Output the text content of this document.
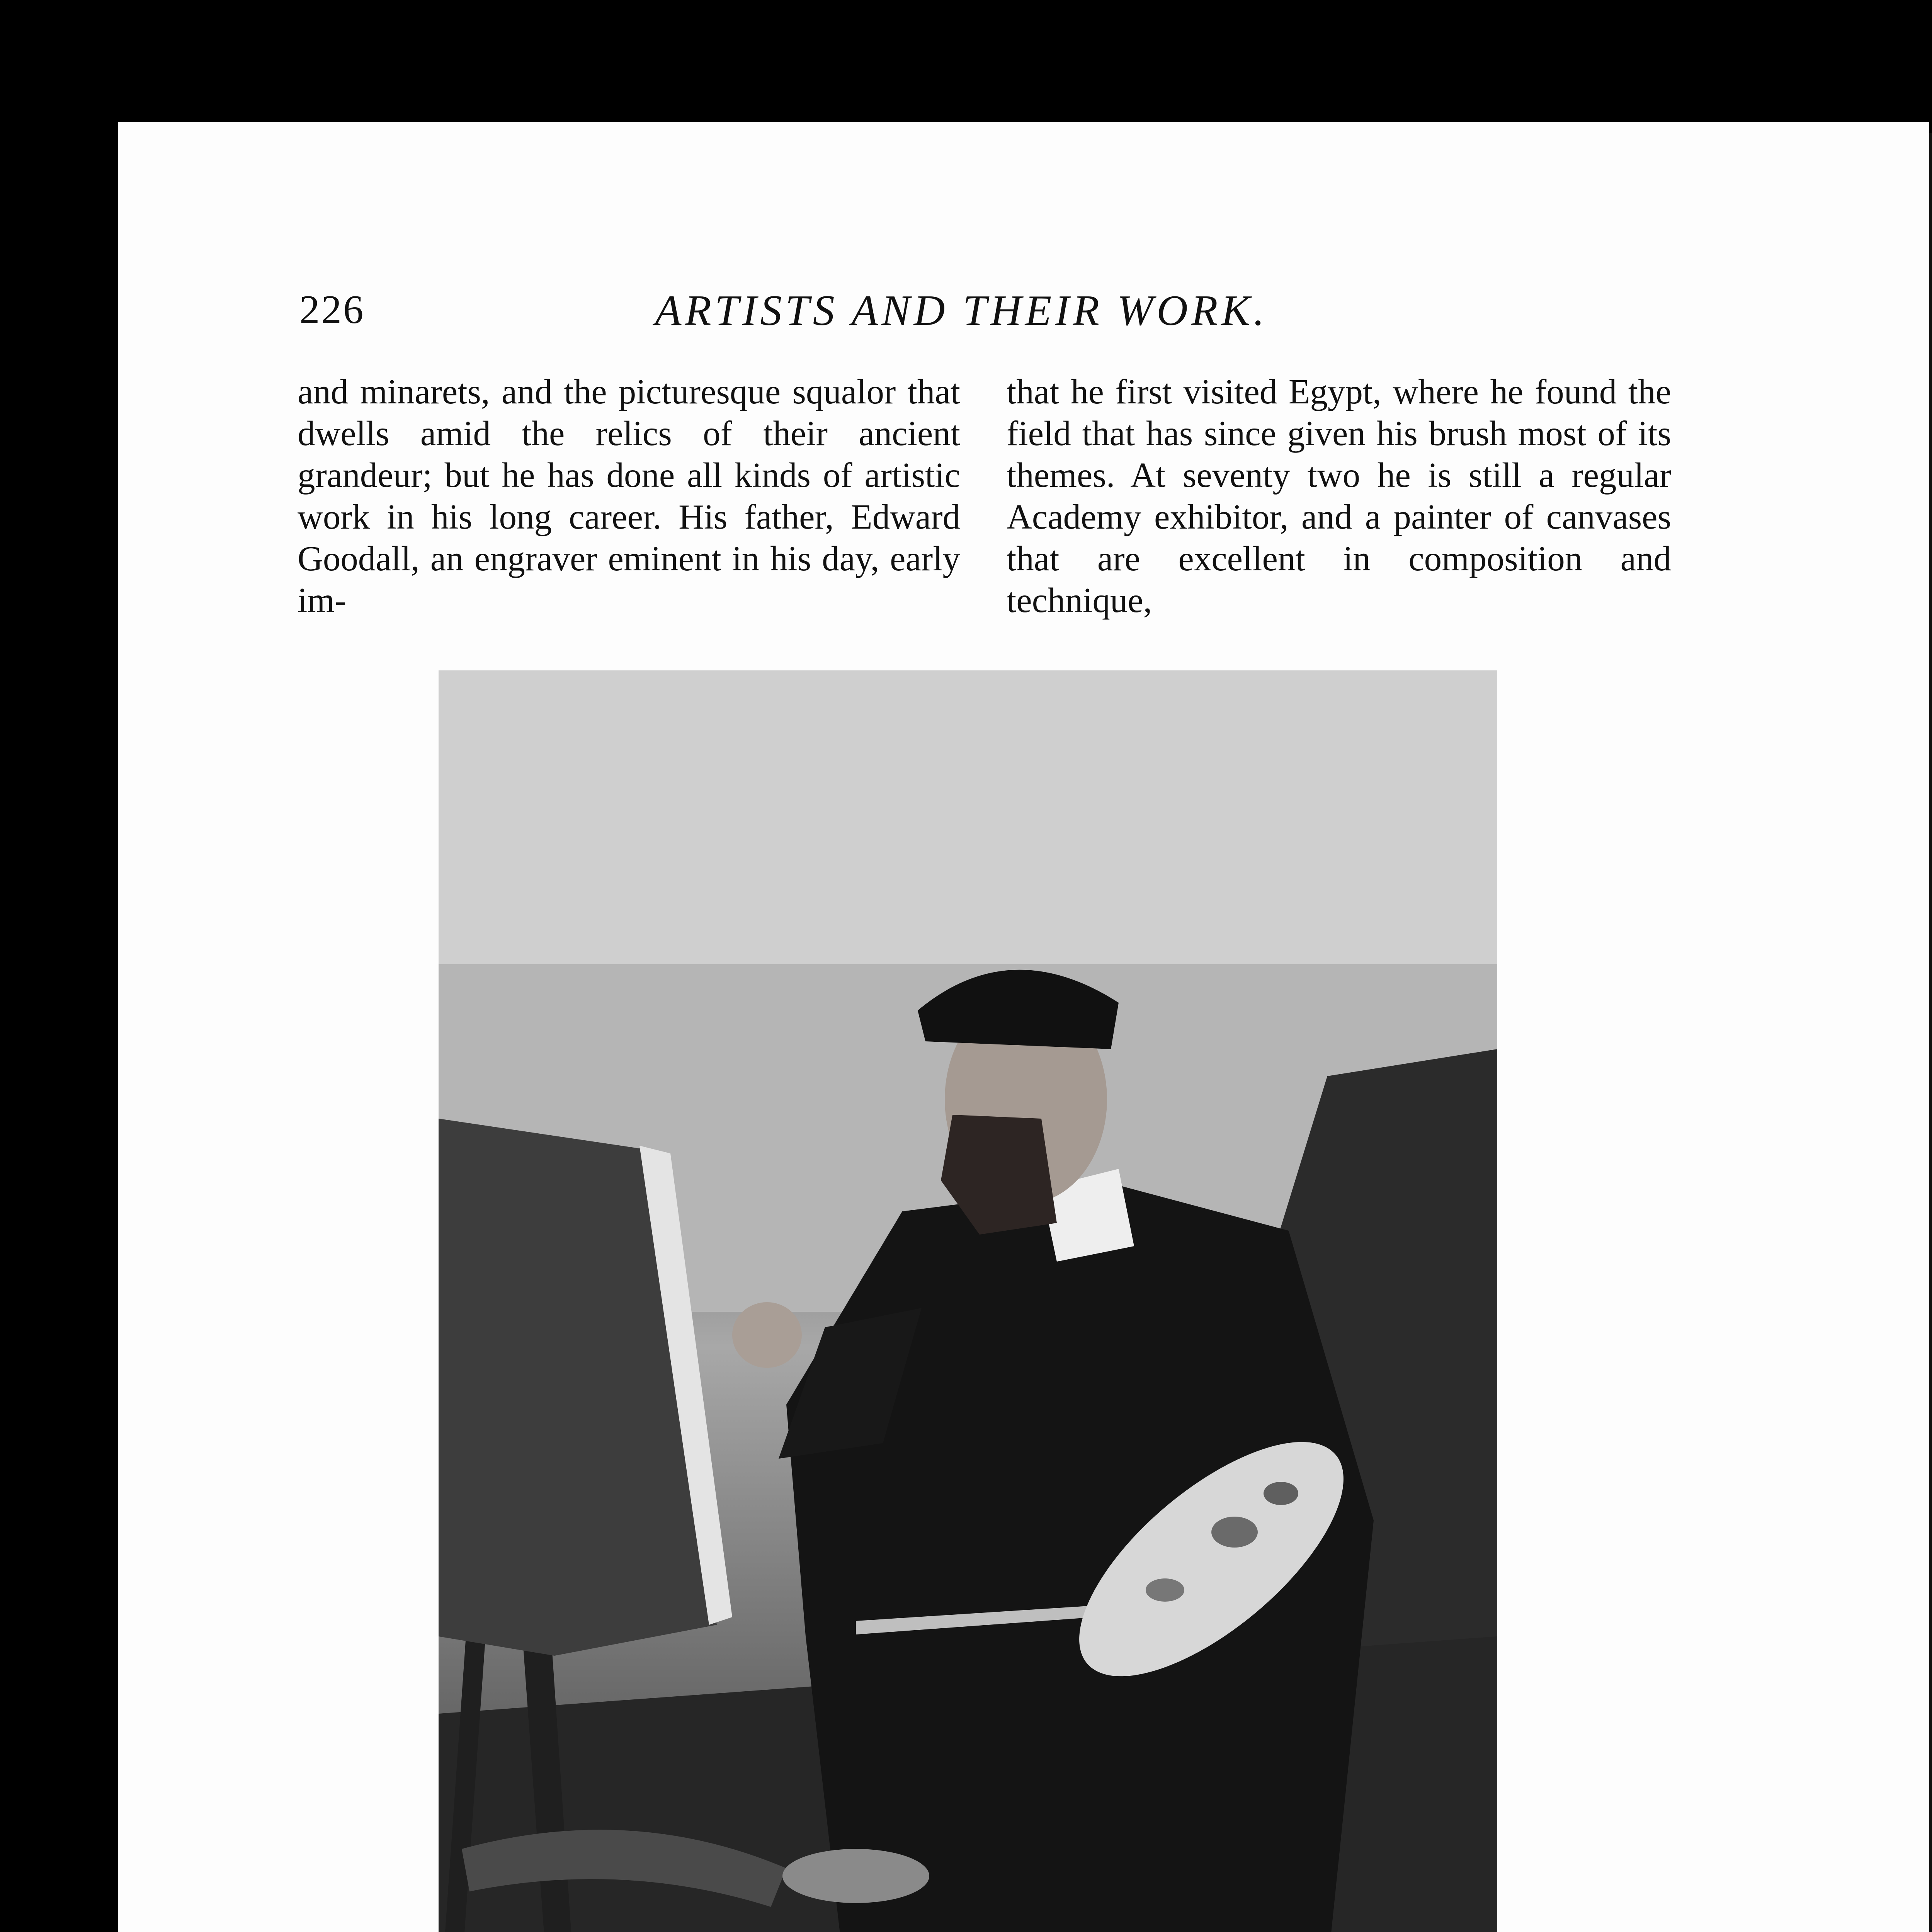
226	ARTISTS AND THEIR WORK.

and minarets, and the picturesque squalor that dwells amid the relics of their ancient grandeur; but he has done all kinds of artistic work in his long career. His father, Edward Goodall, an engraver eminent in his day, early im-

that he first visited Egypt, where he found the field that has since given his brush most of its themes. At seventy two he is still a regular Academy exhibitor, and a painter of canvases that are excellent in composition and technique,
